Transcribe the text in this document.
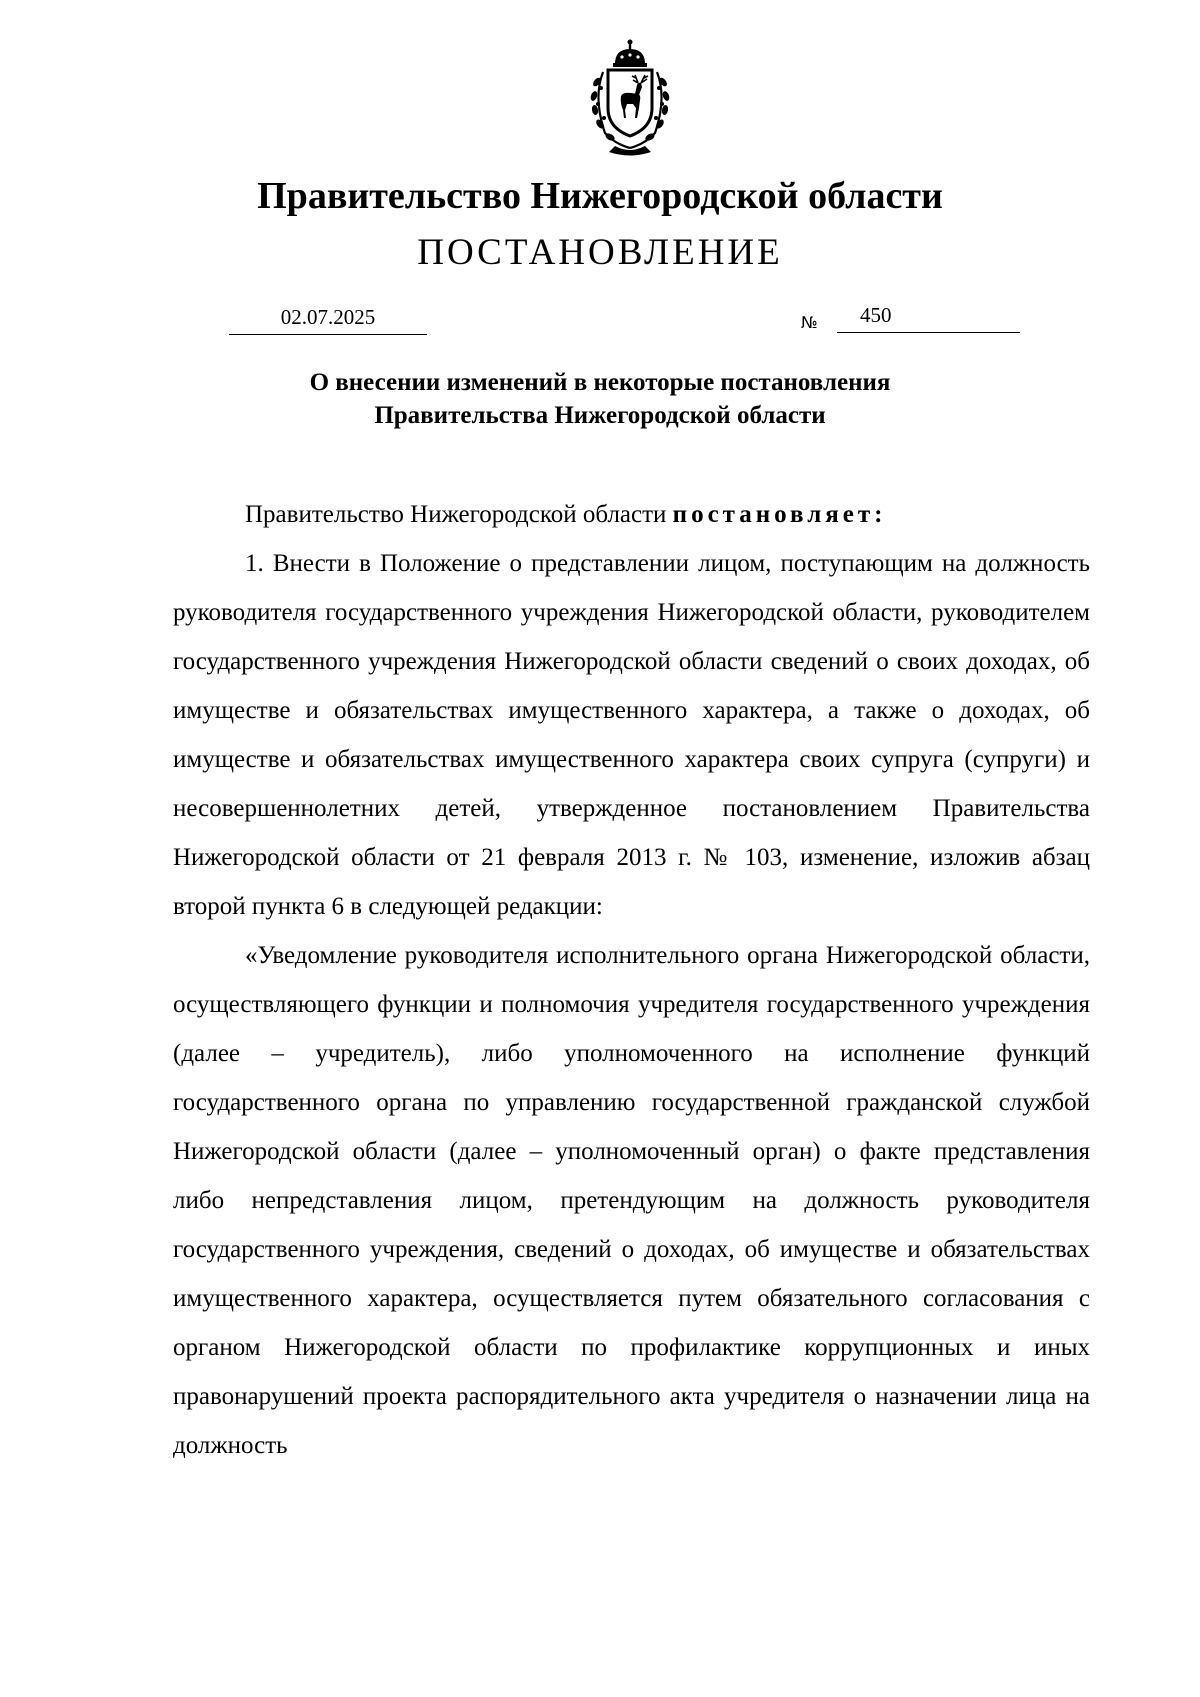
Правительство Нижегородской области
ПОСТАНОВЛЕНИЕ
02.07.2025	№	450
О внесении изменений в некоторые постановления
Правительства Нижегородской области

Правительство Нижегородской области постановляет:

1. Внести в Положение о представлении лицом, поступающим на должность руководителя государственного учреждения Нижегородской области, руководителем государственного учреждения Нижегородской области сведений о своих доходах, об имуществе и обязательствах имущественного характера, а также о доходах, об имуществе и обязательствах имущественного характера своих супруга (супруги) и несовершеннолетних детей, утвержденное постановлением Правительства Нижегородской области от 21 февраля 2013 г. № 103, изменение, изложив абзац второй пункта 6 в следующей редакции:

«Уведомление руководителя исполнительного органа Нижегородской области, осуществляющего функции и полномочия учредителя государственного учреждения (далее – учредитель), либо уполномоченного на исполнение функций государственного органа по управлению государственной гражданской службой Нижегородской области (далее – уполномоченный орган) о факте представления либо непредставления лицом, претендующим на должность руководителя государственного учреждения, сведений о доходах, об имуществе и обязательствах имущественного характера, осуществляется путем обязательного согласования с органом Нижегородской области по профилактике коррупционных и иных правонарушений проекта распорядительного акта учредителя о назначении лица на должность
